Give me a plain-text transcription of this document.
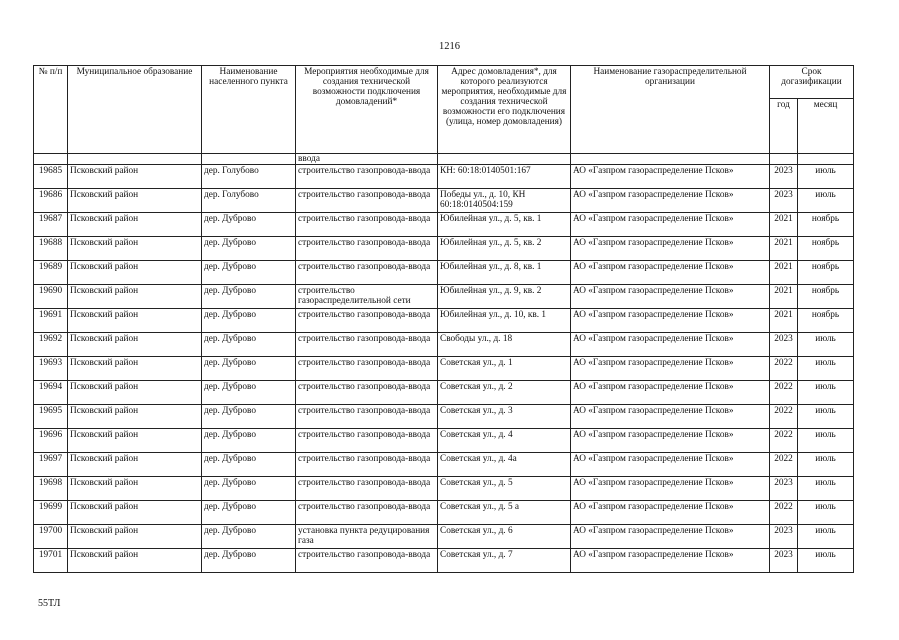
1216
№ п/п	Муниципальное образование	Наименование населенного пункта	Мероприятия необходимые для создания технической возможности подключения домовладений*	Адрес домовладения*, для которого реализуются мероприятия, необходимые для создания технической возможности его подключения (улица, номер домовладения)	Наименование газораспределительной организации	Срок догазификации	
						год	месяц
			ввода				
19685	Псковский район	дер. Голубово	строительство газопровода-ввода	КН: 60:18:0140501:167	АО «Газпром газораспределение Псков»	2023	июль
19686	Псковский район	дер. Голубово	строительство газопровода-ввода	Победы ул., д. 10, КН 60:18:0140504:159	АО «Газпром газораспределение Псков»	2023	июль
19687	Псковский район	дер. Дуброво	строительство газопровода-ввода	Юбилейная ул., д. 5, кв. 1	АО «Газпром газораспределение Псков»	2021	ноябрь
19688	Псковский район	дер. Дуброво	строительство газопровода-ввода	Юбилейная ул., д. 5, кв. 2	АО «Газпром газораспределение Псков»	2021	ноябрь
19689	Псковский район	дер. Дуброво	строительство газопровода-ввода	Юбилейная ул., д. 8, кв. 1	АО «Газпром газораспределение Псков»	2021	ноябрь
19690	Псковский район	дер. Дуброво	строительство газораспределительной сети	Юбилейная ул., д. 9, кв. 2	АО «Газпром газораспределение Псков»	2021	ноябрь
19691	Псковский район	дер. Дуброво	строительство газопровода-ввода	Юбилейная ул., д. 10, кв. 1	АО «Газпром газораспределение Псков»	2021	ноябрь
19692	Псковский район	дер. Дуброво	строительство газопровода-ввода	Свободы ул., д. 18	АО «Газпром газораспределение Псков»	2023	июль
19693	Псковский район	дер. Дуброво	строительство газопровода-ввода	Советская ул., д. 1	АО «Газпром газораспределение Псков»	2022	июль
19694	Псковский район	дер. Дуброво	строительство газопровода-ввода	Советская ул., д. 2	АО «Газпром газораспределение Псков»	2022	июль
19695	Псковский район	дер. Дуброво	строительство газопровода-ввода	Советская ул., д. 3	АО «Газпром газораспределение Псков»	2022	июль
19696	Псковский район	дер. Дуброво	строительство газопровода-ввода	Советская ул., д. 4	АО «Газпром газораспределение Псков»	2022	июль
19697	Псковский район	дер. Дуброво	строительство газопровода-ввода	Советская ул., д. 4а	АО «Газпром газораспределение Псков»	2022	июль
19698	Псковский район	дер. Дуброво	строительство газопровода-ввода	Советская ул., д. 5	АО «Газпром газораспределение Псков»	2023	июль
19699	Псковский район	дер. Дуброво	строительство газопровода-ввода	Советская ул., д. 5 а	АО «Газпром газораспределение Псков»	2022	июль
19700	Псковский район	дер. Дуброво	установка пункта редуцирования газа	Советская ул., д. 6	АО «Газпром газораспределение Псков»	2023	июль
19701	Псковский район	дер. Дуброво	строительство газопровода-ввода	Советская ул., д. 7	АО «Газпром газораспределение Псков»	2023	июль
55ТЛ
